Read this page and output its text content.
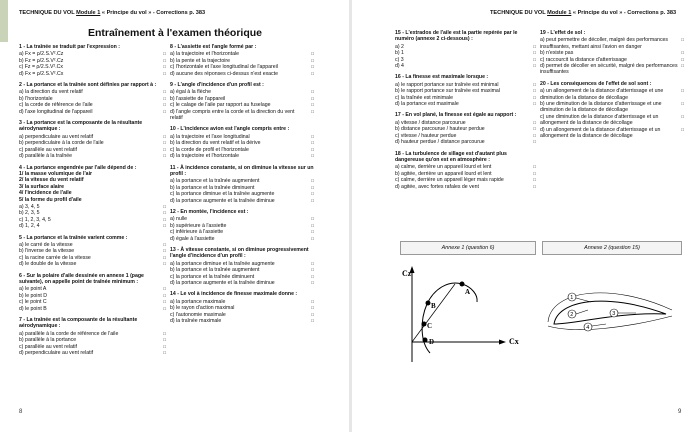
TECHNIQUE DU VOL Module 1 « Principe du vol » - Corrections p. 383
Entraînement à l'examen théorique
1 - La traînée se traduit par l'expression :
a) Fx = ρ/2.S.V².Cz	□
b) Fz = ρ/2.S.V².Cz	□
c) Fz = ρ/2.S.V².Cx	□
d) Fx = ρ/2.S.V².Cx	□
2 - La portance et la traînée sont définies par rapport à :
a) la direction du vent relatif	□
b) l'horizontale	□
c) la corde de référence de l'aile	□
d) l'axe longitudinal de l'appareil	□
3 - La portance est la composante de la résultante aérodynamique :
a) perpendiculaire au vent relatif	□
b) perpendiculaire à la corde de l'aile	□
c) parallèle au vent relatif	□
d) parallèle à la traînée	□
4 - La portance engendrée par l'aile dépend de :
1/ la masse volumique de l'air
2/ la vitesse du vent relatif
3/ la surface alaire
4/ l'incidence de l'aile
5/ la forme du profil d'aile
a) 3, 4, 5	□
b) 2, 3, 5	□
c) 1, 2, 3, 4, 5	□
d) 1, 2, 4	□
5 - La portance et la traînée varient comme :
a) le carré de la vitesse	□
b) l'inverse de la vitesse	□
c) la racine carrée de la vitesse	□
d) le double de la vitesse	□
6 - Sur la polaire d'aile dessinée en annexe 1 (page suivante), on appelle point de traînée minimum :
a) le point A	□
b) le point D	□
c) le point C	□
d) le point B	□
7 - La traînée est la composante de la résultante aérodynamique :
a) parallèle à la corde de référence de l'aile	□
b) parallèle à la portance	□
c) parallèle au vent relatif	□
d) perpendiculaire au vent relatif	□
8 - L'assiette est l'angle formé par :
a) la trajectoire et l'horizontale	□
b) la pente et la trajectoire	□
c) l'horizontale et l'axe longitudinal de l'appareil	□
d) aucune des réponses ci-dessus n'est exacte	□
9 - L'angle d'incidence d'un profil est :
a) égal à la flèche	□
b) l'assiette de l'appareil	□
c) le calage de l'aile par rapport au fuselage	□
d) l'angle compris entre la corde et la direction du vent relatif
□
10 - L'incidence avion est l'angle compris entre :
a) la trajectoire et l'axe longitudinal	□
b) la direction du vent relatif et la dérive	□
c) la corde de profil et l'horizontale	□
d) la trajectoire et l'horizontale	□
11 - À incidence constante, si on diminue la vitesse sur un profil :
a) la portance et la traînée augmentent	□
b) la portance et la traînée diminuent	□
c) la portance diminue et la traînée augmente	□
d) la portance augmente et la traînée diminue	□
12 - En montée, l'incidence est :
a) nulle	□
b) supérieure à l'assiette	□
c) inférieure à l'assiette	□
d) égale à l'assiette	□
13 - À vitesse constante, si on diminue progressivement l'angle d'incidence d'un profil :
a) la portance diminue et la traînée augmente	□
b) la portance et la traînée augmentent	□
c) la portance et la traînée diminuent	□
d) la portance augmente et la traînée diminue	□
14 - Le vol à incidence de finesse maximale donne :
a) la portance maximale	□
b) le rayon d'action maximal	□
c) l'autonomie maximale	□
d) la traînée maximale	□
8
TECHNIQUE DU VOL Module 1 « Principe du vol » - Corrections p. 383
15 - L'extrados de l'aile est la partie repérée par le numéro (annexe 2 ci-dessous) :
a) 2	□
b) 1	□
c) 3	□
d) 4	□
16 - La finesse est maximale lorsque :
a) le rapport portance sur traînée est minimal	□
b) le rapport portance sur traînée est maximal	□
c) la traînée est minimale	□
d) la portance est maximale	□
17 - En vol plané, la finesse est égale au rapport :
a) vitesse / distance parcourue	□
b) distance parcourue / hauteur perdue	□
c) vitesse / hauteur perdue	□
d) hauteur perdue / distance parcourue	□
18 - La turbulence de sillage est d'autant plus dangereuse qu'on est en atmosphère :
a) calme, derrière un appareil lourd et lent	□
b) agitée, derrière un appareil lourd et lent	□
c) calme, derrière un appareil léger mais rapide	□
d) agitée, avec fortes rafales de vent	□
19 - L'effet de sol :
a) peut permettre de décoller, malgré des performances insuffisantes, mettant ainsi l'avion en danger
□
b) n'existe pas	□
c) raccourcit la distance d'atterrissage	□
d) permet de décoller en sécurité, malgré des performances insuffisantes
□
20 - Les conséquences de l'effet de sol sont :
a) un allongement de la distance d'atterrissage et une diminution de la distance de décollage
□
b) une diminution de la distance d'atterrissage et une diminution de la distance de décollage
□
c) une diminution de la distance d'atterrissage et un allongement de la distance de décollage
□
d) un allongement de la distance d'atterrissage et un allongement de la distance de décollage
□
Annexe 1 (question 6)	Annexe 2 (question 15)
Cz
Cx
A
B
C
D
1
2	3
4
9
